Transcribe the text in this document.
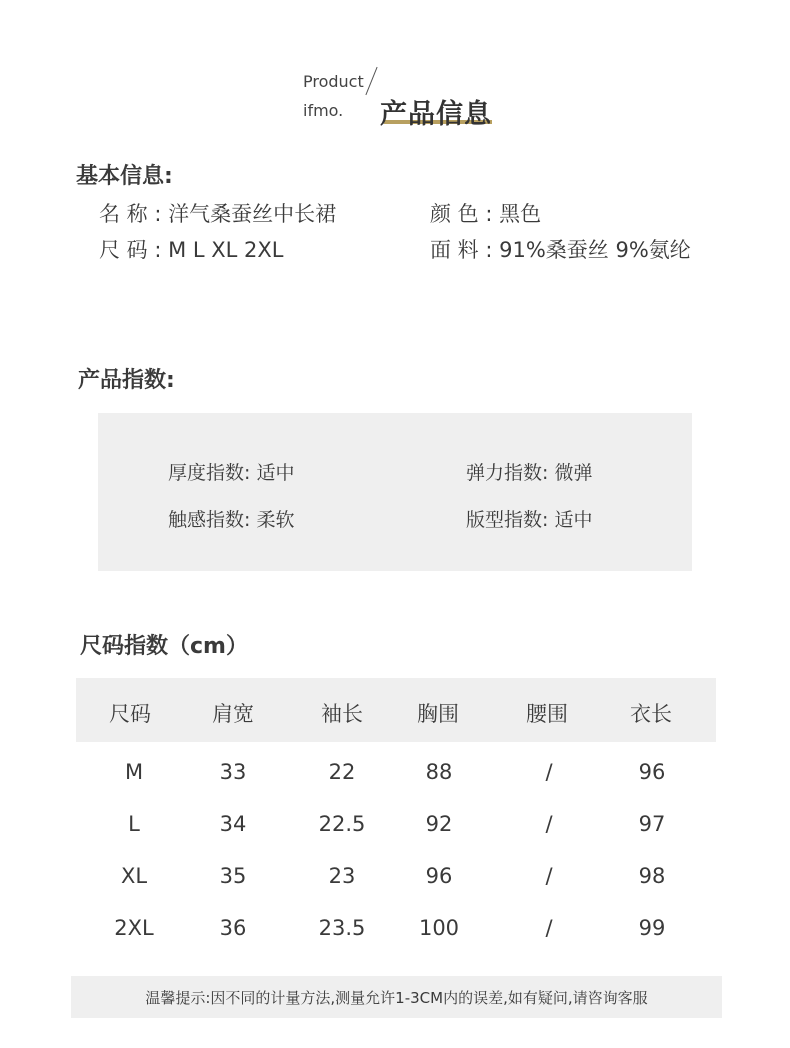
Product
ifmo. 产品信息
基本信息:
名 称 : 洋气桑蚕丝中长裙	颜 色 : 黑色
尺 码 : M L XL 2XL	面 料 : 91%桑蚕丝 9%氨纶
产品指数:
厚度指数: 适中	弹力指数: 微弹
触感指数: 柔软	版型指数: 适中
尺码指数（cm）
尺码	肩宽	袖长	胸围	腰围	衣长
M	33	22	88	/	96
L	34	22.5	92	/	97
XL	35	23	96	/	98
2XL	36	23.5	100	/	99
温馨提示:因不同的计量方法,测量允许1-3CM内的误差,如有疑问,请咨询客服
